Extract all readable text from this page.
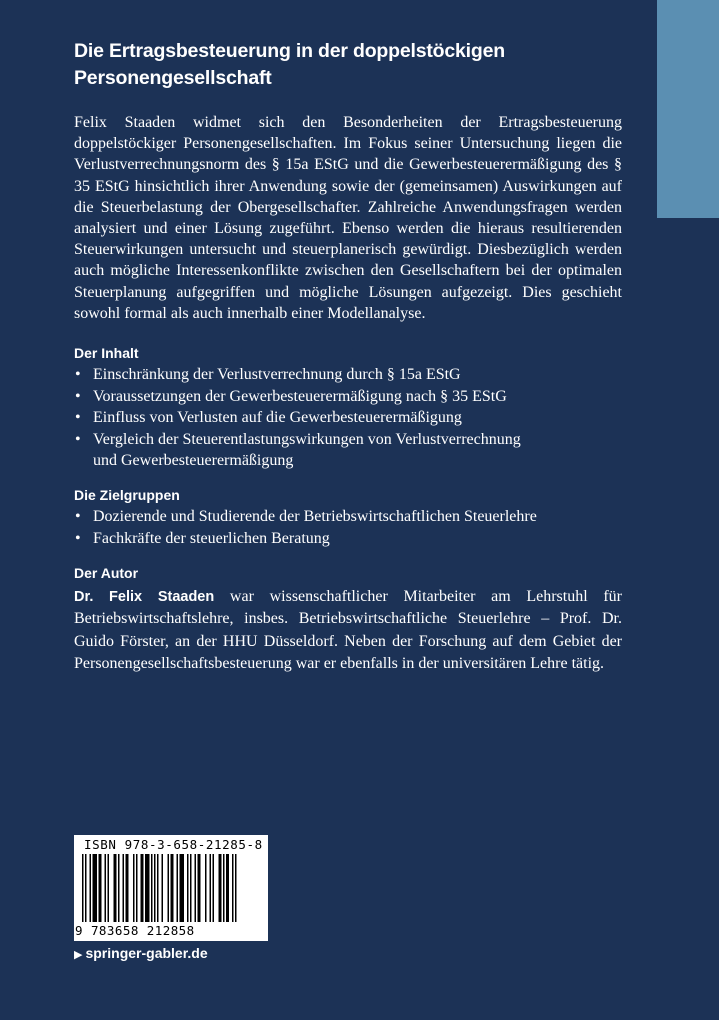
Die Ertragsbesteuerung in der doppelstöckigen
Personengesellschaft
Felix Staaden widmet sich den Besonderheiten der Ertragsbesteuerung doppelstöckiger Personengesellschaften. Im Fokus seiner Untersuchung liegen die Verlustverrechnungsnorm des § 15a EStG und die Gewerbesteuerermäßigung des § 35 EStG hinsichtlich ihrer Anwendung sowie der (gemeinsamen) Auswirkungen auf die Steuerbelastung der Obergesellschafter. Zahlreiche Anwendungsfragen werden analysiert und einer Lösung zugeführt. Ebenso werden die hieraus resultierenden Steuerwirkungen untersucht und steuerplanerisch gewürdigt. Diesbezüglich werden auch mögliche Interessenkonflikte zwischen den Gesellschaftern bei der optimalen Steuerplanung aufgegriffen und mögliche Lösungen aufgezeigt. Dies geschieht sowohl formal als auch innerhalb einer Modellanalyse.
Der Inhalt
• Einschränkung der Verlustverrechnung durch § 15a EStG
• Voraussetzungen der Gewerbesteuerermäßigung nach § 35 EStG
• Einfluss von Verlusten auf die Gewerbesteuerermäßigung
• Vergleich der Steuerentlastungswirkungen von Verlustverrechnung
und Gewerbesteuerermäßigung
Die Zielgruppen
• Dozierende und Studierende der Betriebswirtschaftlichen Steuerlehre
• Fachkräfte der steuerlichen Beratung
Der Autor
Dr. Felix Staaden war wissenschaftlicher Mitarbeiter am Lehrstuhl für Betriebswirtschaftslehre, insbes. Betriebswirtschaftliche Steuerlehre – Prof. Dr. Guido Förster, an der HHU Düsseldorf. Neben der Forschung auf dem Gebiet der Personengesellschaftsbesteuerung war er ebenfalls in der universitären Lehre tätig.
ISBN 978-3-658-21285-8
9 783658 212858
▶ springer-gabler.de
